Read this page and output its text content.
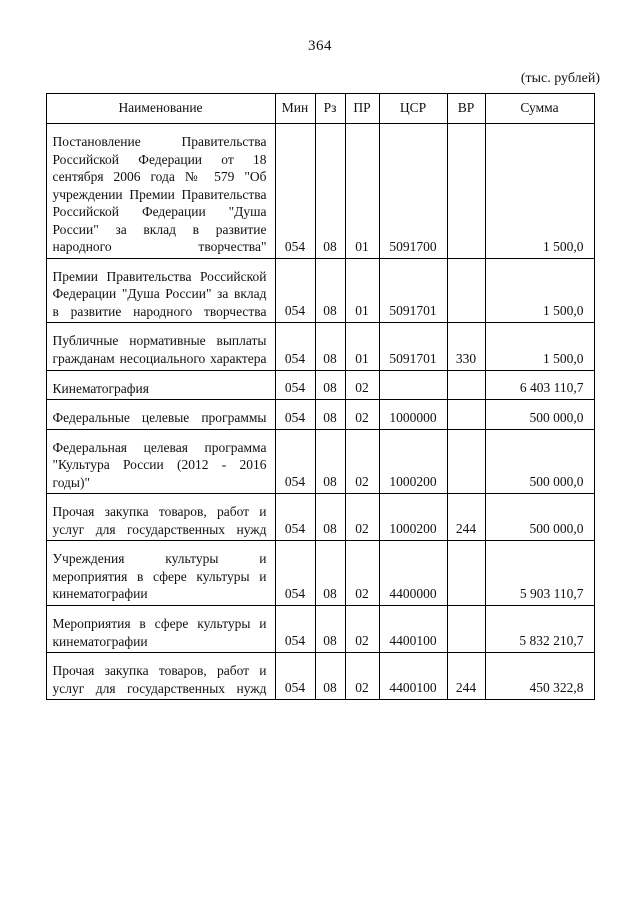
364
(тыс. рублей)
Наименование	Мин	Рз	ПР	ЦСР	ВР	Сумма
Постановление Правительства Российской Федерации от 18 сентября 2006 года № 579 "Об учреждении Премии Правительства Российской Федерации "Душа России" за вклад в развитие народного творчества"	054	08	01	5091700		1 500,0
Премии Правительства Российской Федерации "Душа России" за вклад в развитие народного творчества	054	08	01	5091701		1 500,0
Публичные нормативные выплаты гражданам несоциального характера	054	08	01	5091701	330	1 500,0
Кинематография	054	08	02			6 403 110,7
Федеральные целевые программы	054	08	02	1000000		500 000,0
Федеральная целевая программа "Культура России (2012 - 2016 годы)"	054	08	02	1000200		500 000,0
Прочая закупка товаров, работ и услуг для государственных нужд	054	08	02	1000200	244	500 000,0
Учреждения культуры и мероприятия в сфере культуры и кинематографии	054	08	02	4400000		5 903 110,7
Мероприятия в сфере культуры и кинематографии	054	08	02	4400100		5 832 210,7
Прочая закупка товаров, работ и услуг для государственных нужд	054	08	02	4400100	244	450 322,8
